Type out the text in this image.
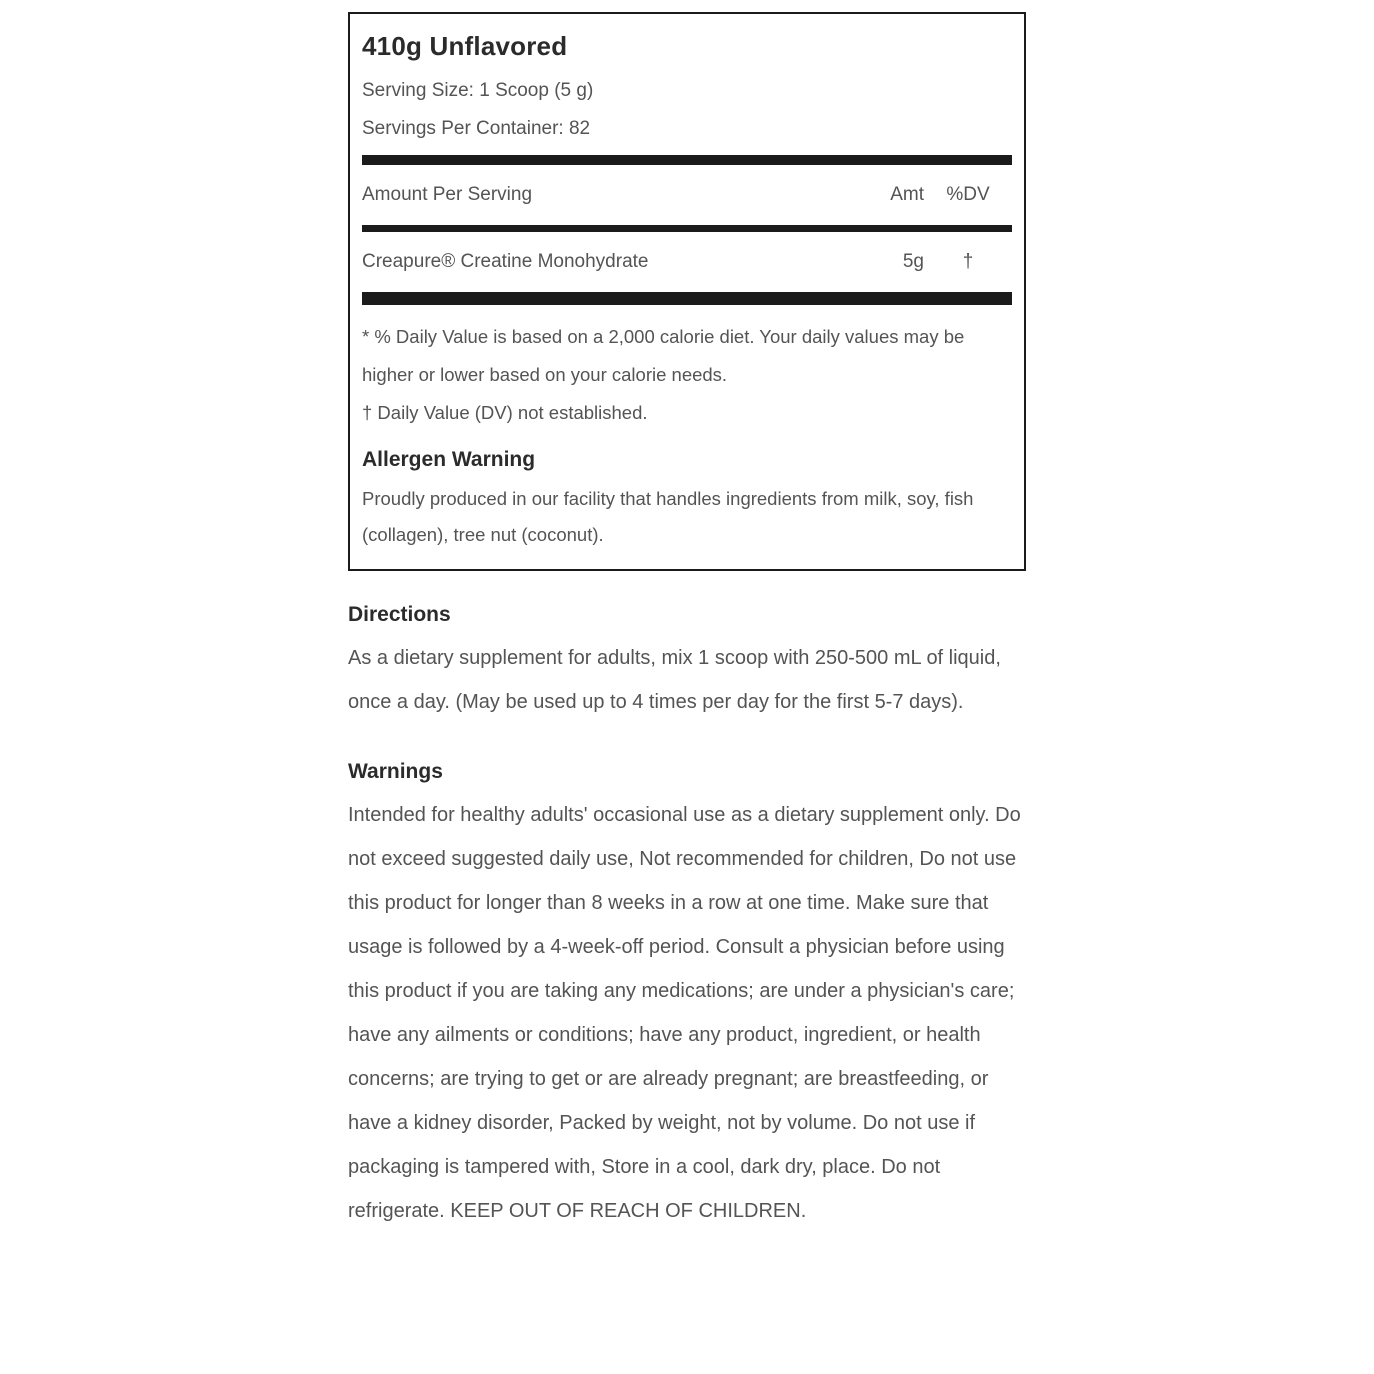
410g Unflavored
Serving Size: 1 Scoop (5 g)
Servings Per Container: 82
Amount Per Serving	Amt %DV
Creapure® Creatine Monohydrate	5g	†
* % Daily Value is based on a 2,000 calorie diet. Your daily values may be higher or lower based on your calorie needs.
† Daily Value (DV) not established.
Allergen Warning
Proudly produced in our facility that handles ingredients from milk, soy, fish (collagen), tree nut (coconut).
Directions
As a dietary supplement for adults, mix 1 scoop with 250-500 mL of liquid, once a day. (May be used up to 4 times per day for the first 5-7 days).
Warnings
Intended for healthy adults' occasional use as a dietary supplement only. Do not exceed suggested daily use, Not recommended for children, Do not use this product for longer than 8 weeks in a row at one time. Make sure that usage is followed by a 4-week-off period. Consult a physician before using this product if you are taking any medications; are under a physician's care; have any ailments or conditions; have any product, ingredient, or health concerns; are trying to get or are already pregnant; are breastfeeding, or have a kidney disorder, Packed by weight, not by volume. Do not use if packaging is tampered with, Store in a cool, dark dry, place. Do not refrigerate. KEEP OUT OF REACH OF CHILDREN.
